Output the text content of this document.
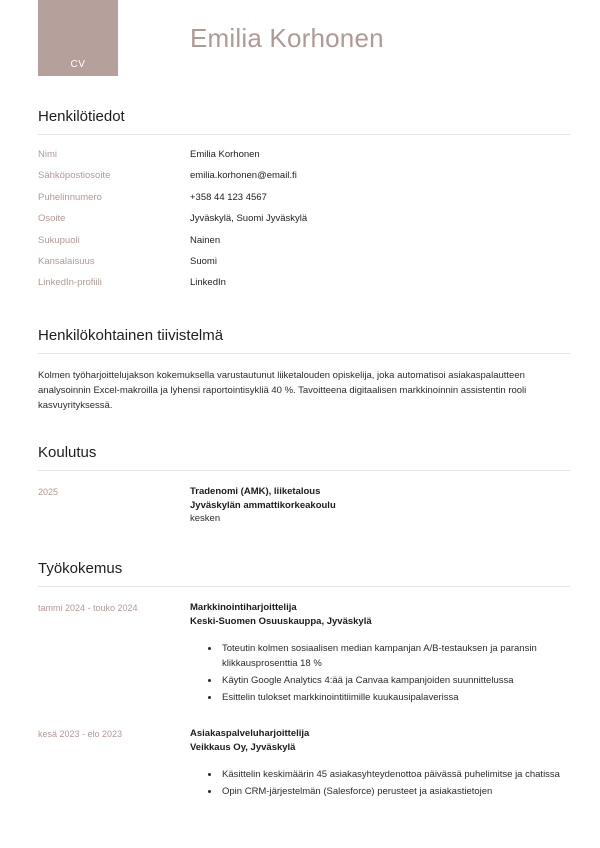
CV
Emilia Korhonen
Henkilötiedot
Nimi	Emilia Korhonen
Sähköpostiosoite	emilia.korhonen@email.fi
Puhelinnumero	+358 44 123 4567
Osoite	Jyväskylä, Suomi Jyväskylä
Sukupuoli	Nainen
Kansalaisuus	Suomi
LinkedIn-profiili	LinkedIn
Henkilökohtainen tiivistelmä

Kolmen työharjoittelujakson kokemuksella varustautunut liiketalouden opiskelija, joka automatisoi asiakaspalautteen analysoinnin Excel-makroilla ja lyhensi raportointisykliä 40 %. Tavoitteena digitaalisen markkinoinnin assistentin rooli kasvuyrityksessä.

Koulutus
2025	Tradenomi (AMK), liiketalous
Jyväskylän ammattikorkeakoulu
kesken
Työkokemus
tammi 2024 - touko 2024	Markkinointiharjoittelija
Keski-Suomen Osuuskauppa, Jyväskylä
• Toteutin kolmen sosiaalisen median kampanjan A/B-testauksen ja paransin klikkausprosenttia 18 %
• Käytin Google Analytics 4:ää ja Canvaa kampanjoiden suunnittelussa
• Esittelin tulokset markkinointitiimille kuukausipalaverissa
kesä 2023 - elo 2023	Asiakaspalveluharjoittelija
Veikkaus Oy, Jyväskylä
• Käsittelin keskimäärin 45 asiakasyhteydenottoa päivässä puhelimitse ja chatissa
• Opin CRM-järjestelmän (Salesforce) perusteet ja asiakastietojen
